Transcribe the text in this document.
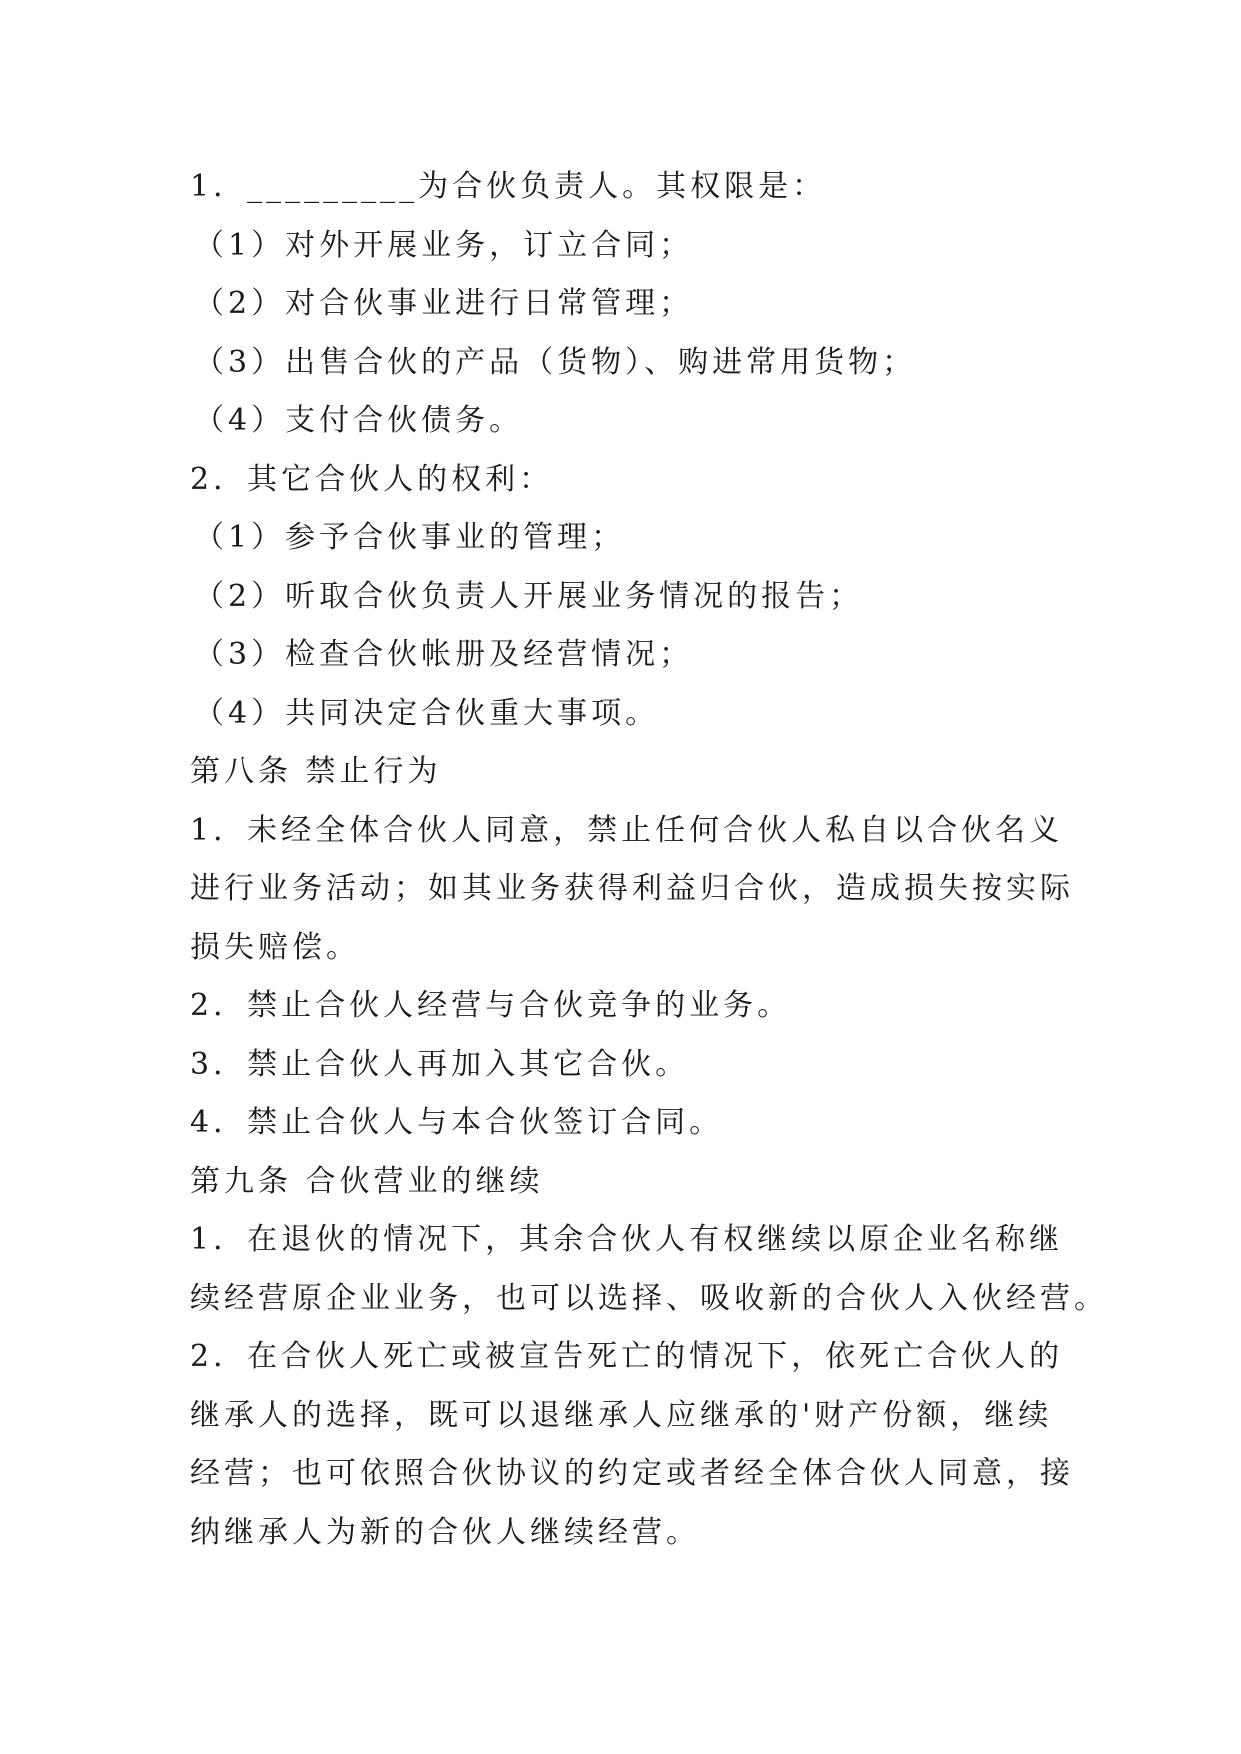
1．_________为合伙负责人。其权限是：
（1）对外开展业务，订立合同；
（2）对合伙事业进行日常管理；
（3）出售合伙的产品（货物）、购进常用货物；
（4）支付合伙债务。
2．其它合伙人的权利：
（1）参予合伙事业的管理；
（2）听取合伙负责人开展业务情况的报告；
（3）检查合伙帐册及经营情况；
（4）共同决定合伙重大事项。
第八条 禁止行为
1．未经全体合伙人同意，禁止任何合伙人私自以合伙名义
进行业务活动；如其业务获得利益归合伙，造成损失按实际
损失赔偿。
2．禁止合伙人经营与合伙竞争的业务。
3．禁止合伙人再加入其它合伙。
4．禁止合伙人与本合伙签订合同。
第九条 合伙营业的继续
1．在退伙的情况下，其余合伙人有权继续以原企业名称继
续经营原企业业务，也可以选择、吸收新的合伙人入伙经营。
2．在合伙人死亡或被宣告死亡的情况下，依死亡合伙人的
继承人的选择，既可以退继承人应继承的'财产份额，继续
经营；也可依照合伙协议的约定或者经全体合伙人同意，接
纳继承人为新的合伙人继续经营。
